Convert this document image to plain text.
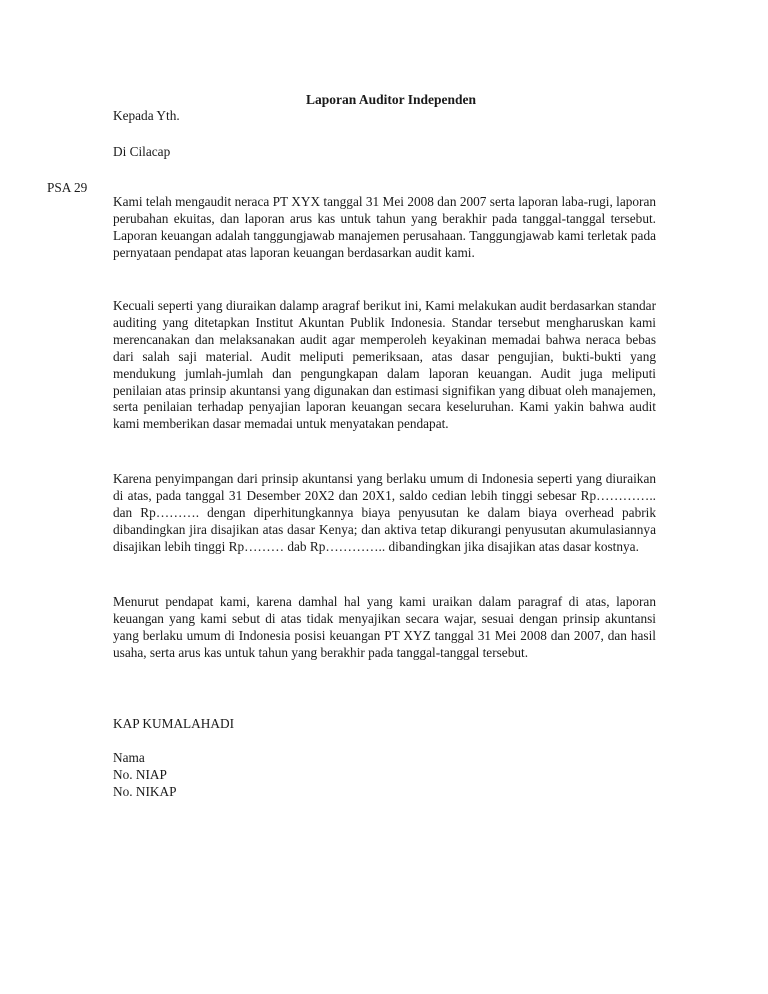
Laporan Auditor Independen
Kepada Yth.
Di Cilacap
PSA 29

Kami telah mengaudit neraca PT XYX tanggal 31 Mei 2008 dan 2007 serta laporan laba-rugi, laporan perubahan ekuitas, dan laporan arus kas untuk tahun yang berakhir pada tanggal-tanggal tersebut. Laporan keuangan adalah tanggungjawab manajemen perusahaan. Tanggungjawab kami terletak pada pernyataan pendapat atas laporan keuangan berdasarkan audit kami.

Kecuali seperti yang diuraikan dalamp aragraf berikut ini, Kami melakukan audit berdasarkan standar auditing yang ditetapkan Institut Akuntan Publik Indonesia. Standar tersebut mengharuskan kami merencanakan dan melaksanakan audit agar memperoleh keyakinan memadai bahwa neraca bebas dari salah saji material. Audit meliputi pemeriksaan, atas dasar pengujian, bukti-bukti yang mendukung jumlah-jumlah dan pengungkapan dalam laporan keuangan. Audit juga meliputi penilaian atas prinsip akuntansi yang digunakan dan estimasi signifikan yang dibuat oleh manajemen, serta penilaian terhadap penyajian laporan keuangan secara keseluruhan. Kami yakin bahwa audit kami memberikan dasar memadai untuk menyatakan pendapat.

Karena penyimpangan dari prinsip akuntansi yang berlaku umum di Indonesia seperti yang diuraikan di atas, pada tanggal 31 Desember 20X2 dan 20X1, saldo cedian lebih tinggi sebesar Rp………….. dan Rp………. dengan diperhitungkannya biaya penyusutan ke dalam biaya overhead pabrik dibandingkan jira disajikan atas dasar Kenya; dan aktiva tetap dikurangi penyusutan akumulasiannya disajikan lebih tinggi Rp……… dab Rp………….. dibandingkan jika disajikan atas dasar kostnya.

Menurut pendapat kami, karena damhal hal yang kami uraikan dalam paragraf di atas, laporan keuangan yang kami sebut di atas tidak menyajikan secara wajar, sesuai dengan prinsip akuntansi yang berlaku umum di Indonesia posisi keuangan PT XYZ tanggal 31 Mei 2008 dan 2007, dan hasil usaha, serta arus kas untuk tahun yang berakhir pada tanggal-tanggal tersebut.

KAP KUMALAHADI
Nama
No. NIAP
No. NIKAP
